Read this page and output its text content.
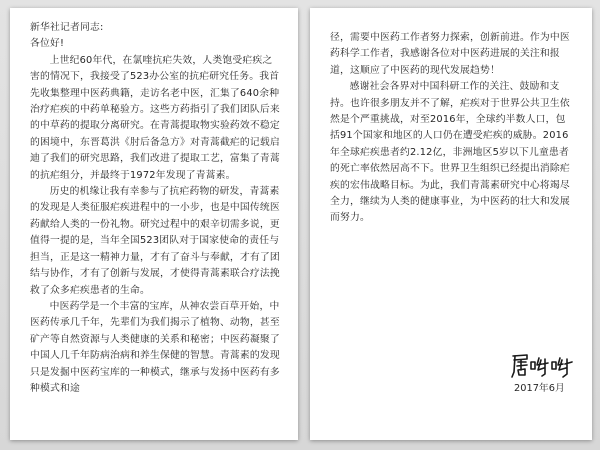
新华社记者同志:

各位好!

上世纪60年代，在氯喹抗疟失效，人类饱受疟疾之害的情况下，我接受了523办公室的抗疟研究任务。我首先收集整理中医药典籍，走访名老中医，汇集了640余种治疗疟疾的中药单秘验方。这些方药指引了我们团队后来的中草药的提取分离研究。在青蒿提取物实验药效不稳定的困境中，东晋葛洪《肘后备急方》对青蒿截疟的记载启迪了我们的研究思路，我们改进了提取工艺，富集了青蒿的抗疟组分，并最终于1972年发现了青蒿素。

历史的机缘让我有幸参与了抗疟药物的研发，青蒿素的发现是人类征服疟疾进程中的一小步，也是中国传统医药献给人类的一份礼物。研究过程中的艰辛切需多说，更值得一提的是，当年全国523团队对于国家使命的责任与担当，正是这一精神力量，才有了奋斗与奉献，才有了团结与协作，才有了创新与发展，才使得青蒿素联合疗法挽救了众多疟疾患者的生命。

中医药学是一个丰富的宝库，从神农尝百草开始，中医药传承几千年，先辈们为我们揭示了植物、动物，甚至矿产等自然资源与人类健康的关系和秘密；中医药凝聚了中国人几千年防病治病和养生保健的智慧。青蒿素的发现只是发掘中医药宝库的一种模式，继承与发扬中医药有多种模式和途

径，需要中医药工作者努力探索，创新前进。作为中医药科学工作者，我感谢各位对中医药进展的关注和报道，这顺应了中医药的现代发展趋势！

感谢社会各界对中国科研工作的关注、鼓励和支持。也许很多朋友并不了解，疟疾对于世界公共卫生依然是个严重挑战，对至2016年，全球约半数人口，包括91个国家和地区的人口仍在遭受疟疾的威胁。2016年全球疟疾患者约2.12亿，非洲地区5岁以下儿童患者的死亡率依然居高不下。世界卫生组织已经提出消除疟疾的宏伟战略目标。为此，我们青蒿素研究中心将竭尽全力，继续为人类的健康事业，为中医药的壮大和发展而努力。

2017年6月
